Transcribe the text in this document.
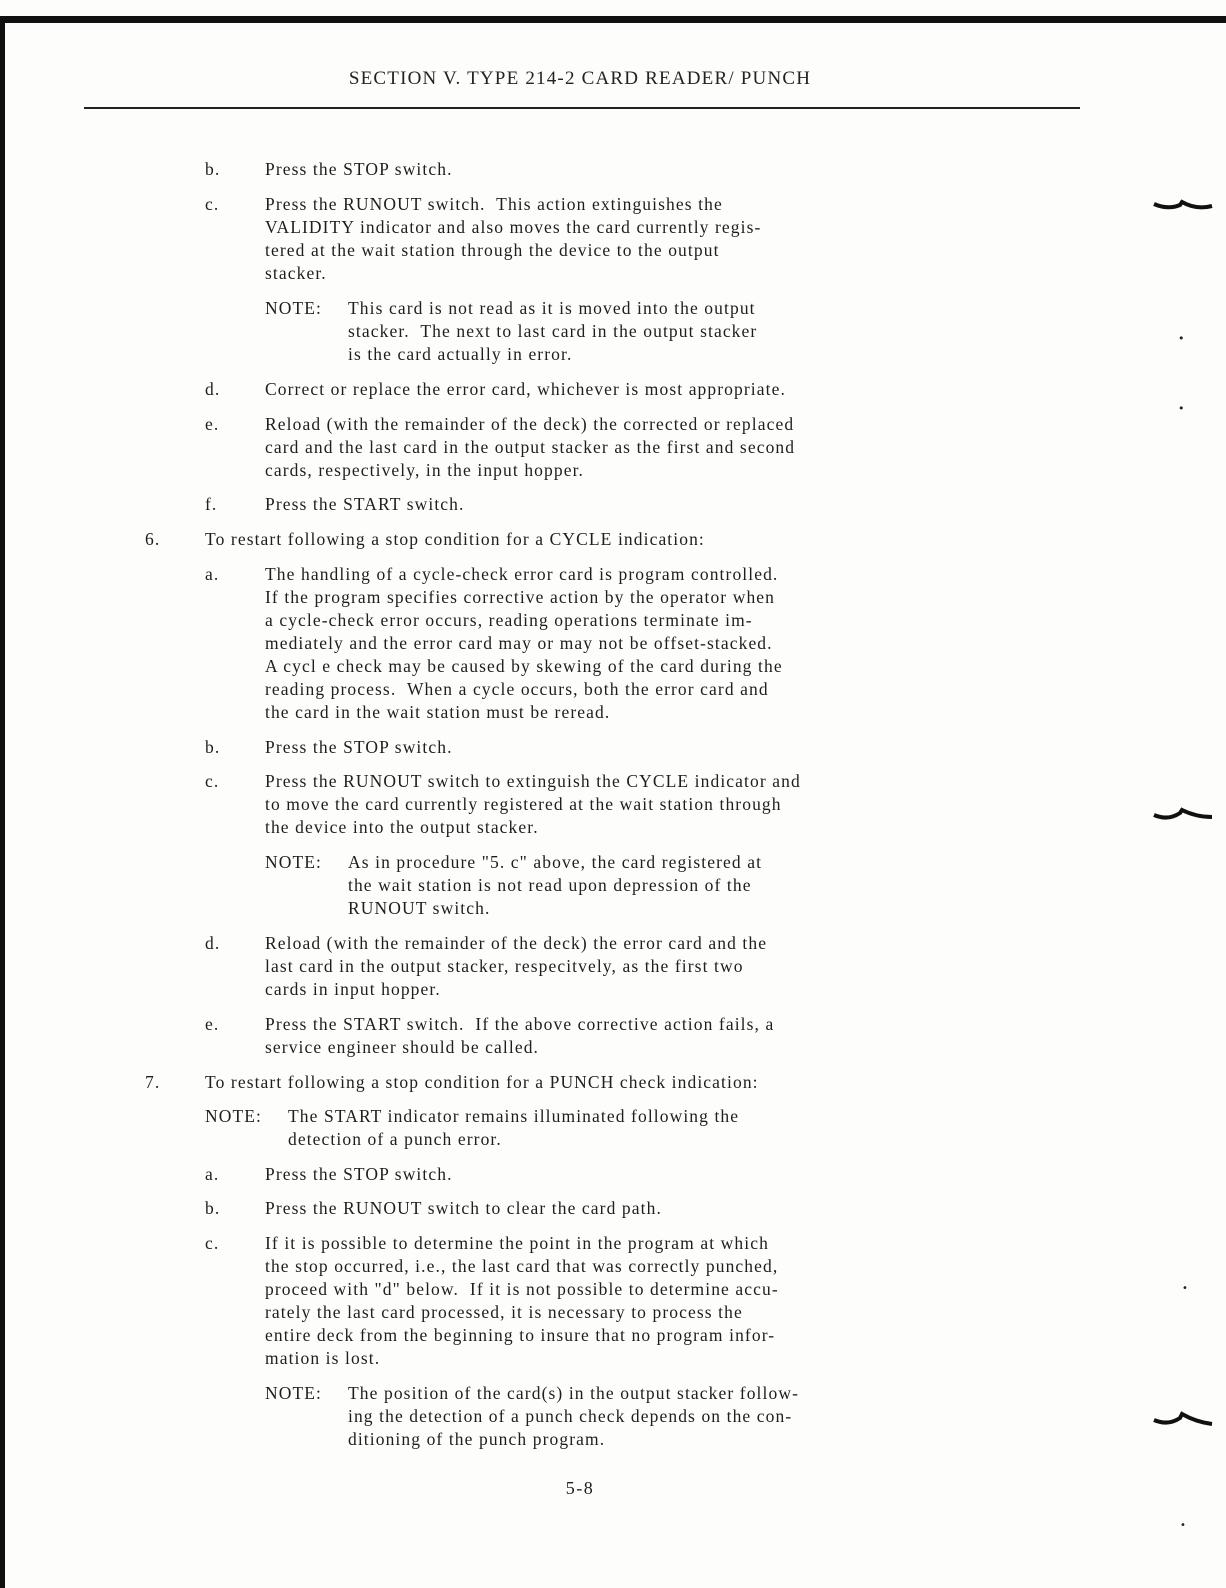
SECTION V. TYPE 214-2 CARD READER/ PUNCH
b.	Press the STOP switch.
c.	Press the RUNOUT switch.  This action extinguishes the
VALIDITY indicator and also moves the card currently regis-
tered at the wait station through the device to the output
stacker.
NOTE: This card is not read as it is moved into the output
stacker.  The next to last card in the output stacker
is the card actually in error.
d.	Correct or replace the error card, whichever is most appropriate.
e.	Reload (with the remainder of the deck) the corrected or replaced
card and the last card in the output stacker as the first and second
cards, respectively, in the input hopper.
f.	Press the START switch.
6.	To restart following a stop condition for a CYCLE indication:
a.	The handling of a cycle-check error card is program controlled.
If the program specifies corrective action by the operator when
a cycle-check error occurs, reading operations terminate im-
mediately and the error card may or may not be offset-stacked.
A cycl e check may be caused by skewing of the card during the
reading process.  When a cycle occurs, both the error card and
the card in the wait station must be reread.
b.	Press the STOP switch.
c.	Press the RUNOUT switch to extinguish the CYCLE indicator and
to move the card currently registered at the wait station through
the device into the output stacker.
NOTE: As in procedure "5. c" above, the card registered at
the wait station is not read upon depression of the
RUNOUT switch.
d.	Reload (with the remainder of the deck) the error card and the
last card in the output stacker, respecitvely, as the first two
cards in input hopper.
e.	Press the START switch.  If the above corrective action fails, a
service engineer should be called.
7.	To restart following a stop condition for a PUNCH check indication:
NOTE: The START indicator remains illuminated following the
detection of a punch error.
a.	Press the STOP switch.
b.	Press the RUNOUT switch to clear the card path.
c.	If it is possible to determine the point in the program at which
the stop occurred, i.e., the last card that was correctly punched,
proceed with "d" below.  If it is not possible to determine accu-
rately the last card processed, it is necessary to process the
entire deck from the beginning to insure that no program infor-
mation is lost.
NOTE: The position of the card(s) in the output stacker follow-
ing the detection of a punch check depends on the con-
ditioning of the punch program.
5-8
•
•
•
•
